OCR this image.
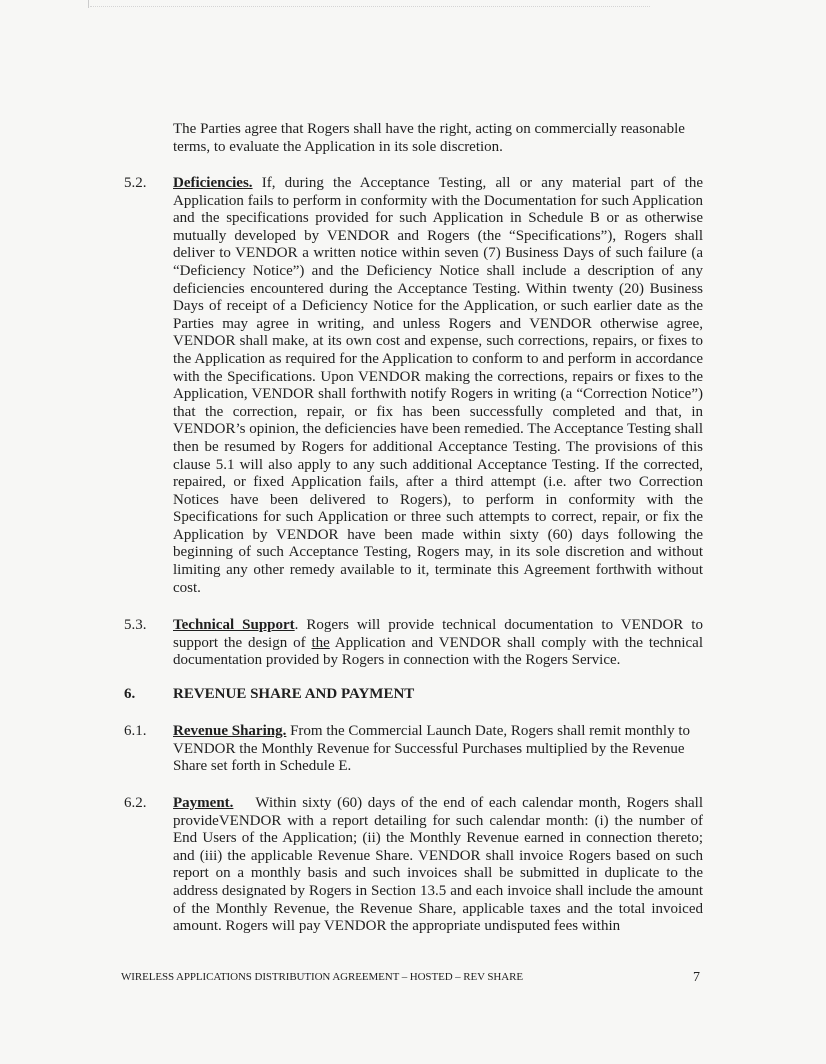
The Parties agree that Rogers shall have the right, acting on commercially reasonable
terms, to evaluate the Application in its sole discretion.
5.2. Deficiencies. If, during the Acceptance Testing, all or any material part of the Application fails to perform in conformity with the Documentation for such Application and the specifications provided for such Application in Schedule B or as otherwise mutually developed by VENDOR and Rogers (the “Specifications”), Rogers shall deliver to VENDOR a written notice within seven (7) Business Days of such failure (a “Deficiency Notice”) and the Deficiency Notice shall include a description of any deficiencies encountered during the Acceptance Testing. Within twenty (20) Business Days of receipt of a Deficiency Notice for the Application, or such earlier date as the Parties may agree in writing, and unless Rogers and VENDOR otherwise agree, VENDOR shall make, at its own cost and expense, such corrections, repairs, or fixes to the Application as required for the Application to conform to and perform in accordance with the Specifications. Upon VENDOR making the corrections, repairs or fixes to the Application, VENDOR shall forthwith notify Rogers in writing (a “Correction Notice”) that the correction, repair, or fix has been successfully completed and that, in VENDOR’s opinion, the deficiencies have been remedied. The Acceptance Testing shall then be resumed by Rogers for additional Acceptance Testing. The provisions of this clause 5.1 will also apply to any such additional Acceptance Testing. If the corrected, repaired, or fixed Application fails, after a third attempt (i.e. after two Correction Notices have been delivered to Rogers), to perform in conformity with the Specifications for such Application or three such attempts to correct, repair, or fix the Application by VENDOR have been made within sixty (60) days following the beginning of such Acceptance Testing, Rogers may, in its sole discretion and without limiting any other remedy available to it, terminate this Agreement forthwith without cost.
5.3. Technical Support. Rogers will provide technical documentation to VENDOR to support the design of the Application and VENDOR shall comply with the technical documentation provided by Rogers in connection with the Rogers Service.
6.	REVENUE SHARE AND PAYMENT
6.1. Revenue Sharing. From the Commercial Launch Date, Rogers shall remit monthly to VENDOR the Monthly Revenue for Successful Purchases multiplied by the Revenue Share set forth in Schedule E.
6.2. Payment. Within sixty (60) days of the end of each calendar month, Rogers shall provideVENDOR with a report detailing for such calendar month: (i) the number of End Users of the Application; (ii) the Monthly Revenue earned in connection thereto; and (iii) the applicable Revenue Share. VENDOR shall invoice Rogers based on such report on a monthly basis and such invoices shall be submitted in duplicate to the address designated by Rogers in Section 13.5 and each invoice shall include the amount of the Monthly Revenue, the Revenue Share, applicable taxes and the total invoiced amount. Rogers will pay VENDOR the appropriate undisputed fees within
WIRELESS APPLICATIONS DISTRIBUTION AGREEMENT – HOSTED – REV SHARE	7
